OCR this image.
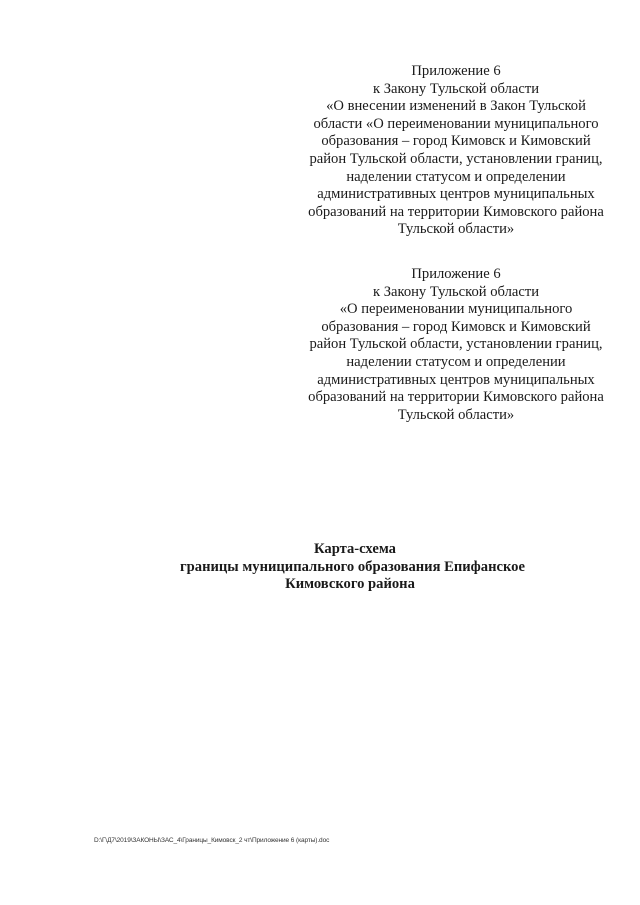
Приложение 6
к Закону Тульской области
«О внесении изменений в Закон Тульской
области «О переименовании муниципального
образования – город Кимовск и Кимовский
район Тульской области, установлении границ,
наделении статусом и определении
административных центров муниципальных
образований на территории Кимовского района
Тульской области»
Приложение 6
к Закону Тульской области
«О переименовании муниципального
образования – город Кимовск и Кимовский
район Тульской области, установлении границ,
наделении статусом и определении
административных центров муниципальных
образований на территории Кимовского района
Тульской области»
Карта-схема
границы муниципального образования Епифанское
Кимовского района
D:\Г\Д7\2019\ЗАКОНЫ\ЗАС_4\Границы_Кимовск_2 чт\Приложение 6 (карты).doc
